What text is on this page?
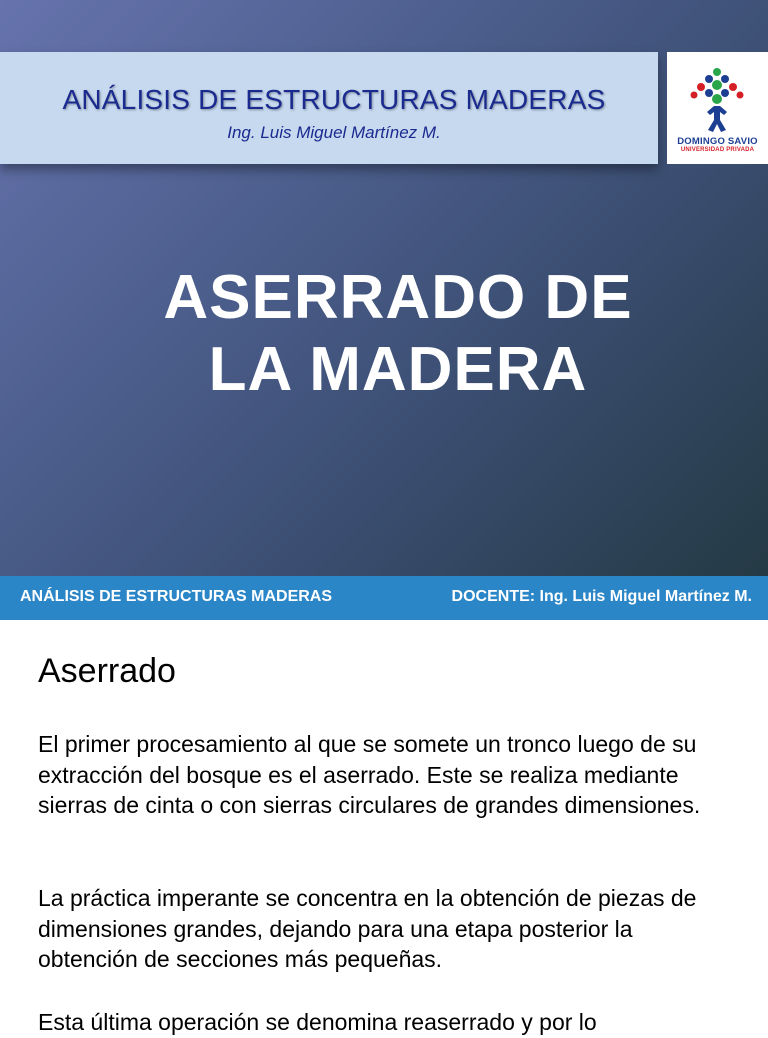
ANÁLISIS DE ESTRUCTURAS MADERAS
Ing. Luis Miguel Martínez M.	DOMINGO SAVIO
UNIVERSIDAD PRIVADA
ASERRADO DE
LA MADERA
ANÁLISIS DE ESTRUCTURAS MADERAS	DOCENTE: Ing. Luis Miguel Martínez M.
Aserrado
El primer procesamiento al que se somete un tronco luego de su extracción del bosque es el aserrado. Este se realiza mediante sierras de cinta o con sierras circulares de grandes dimensiones.
La práctica imperante se concentra en la obtención de piezas de dimensiones grandes, dejando para una etapa posterior la obtención de secciones más pequeñas.
Esta última operación se denomina reaserrado y por lo
